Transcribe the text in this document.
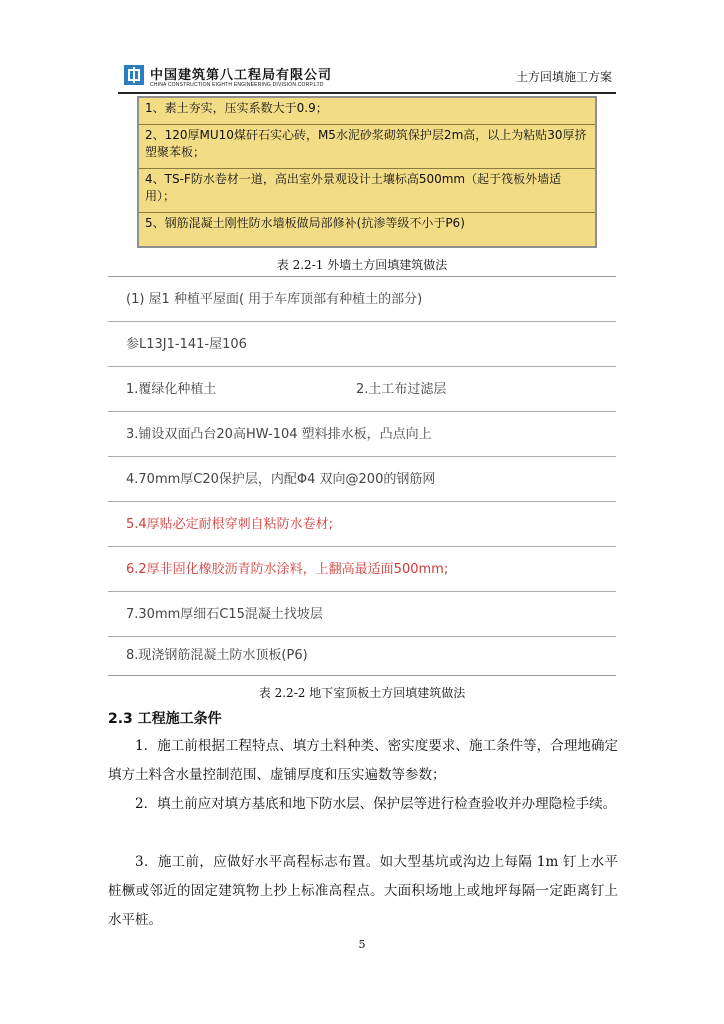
中国建筑第八工程局有限公司
CHINA CONSTRUCTION EIGHTH ENGINEERING DIVISION.CORP.LTD
土方回填施工方案
1、素土夯实，压实系数大于0.9；
2、120厚MU10煤矸石实心砖，M5水泥砂浆砌筑保护层2m高，以上为粘贴30厚挤塑聚苯板；
4、TS-F防水卷材一道，高出室外景观设计土壤标高500mm（起于筏板外墙适用）；
5、钢筋混凝土刚性防水墙板做局部修补(抗渗等级不小于P6)
表 2.2-1 外墙土方回填建筑做法
(1) 屋1 种植平屋面( 用于车库顶部有种植土的部分)
参L13J1-141-屋106
1.覆绿化种植土	2.土工布过滤层
3.铺设双面凸台20高HW-104 塑料排水板，凸点向上
4.70mm厚C20保护层，内配Φ4 双向@200的钢筋网
5.4厚贴必定耐根穿刺自粘防水卷材;
6.2厚非固化橡胶沥青防水涂料，上翻高最适面500mm;
7.30mm厚细石C15混凝土找坡层
8.现浇钢筋混凝土防水顶板(P6)
表 2.2-2 地下室顶板土方回填建筑做法
2.3 工程施工条件
1．施工前根据工程特点、填方土料种类、密实度要求、施工条件等，合理地确定填方土料含水量控制范围、虚铺厚度和压实遍数等参数；
2．填土前应对填方基底和地下防水层、保护层等进行检查验收并办理隐检手续。
3．施工前，应做好水平高程标志布置。如大型基坑或沟边上每隔 1m 钉上水平桩橛或邻近的固定建筑物上抄上标准高程点。大面积场地上或地坪每隔一定距离钉上水平桩。
5
